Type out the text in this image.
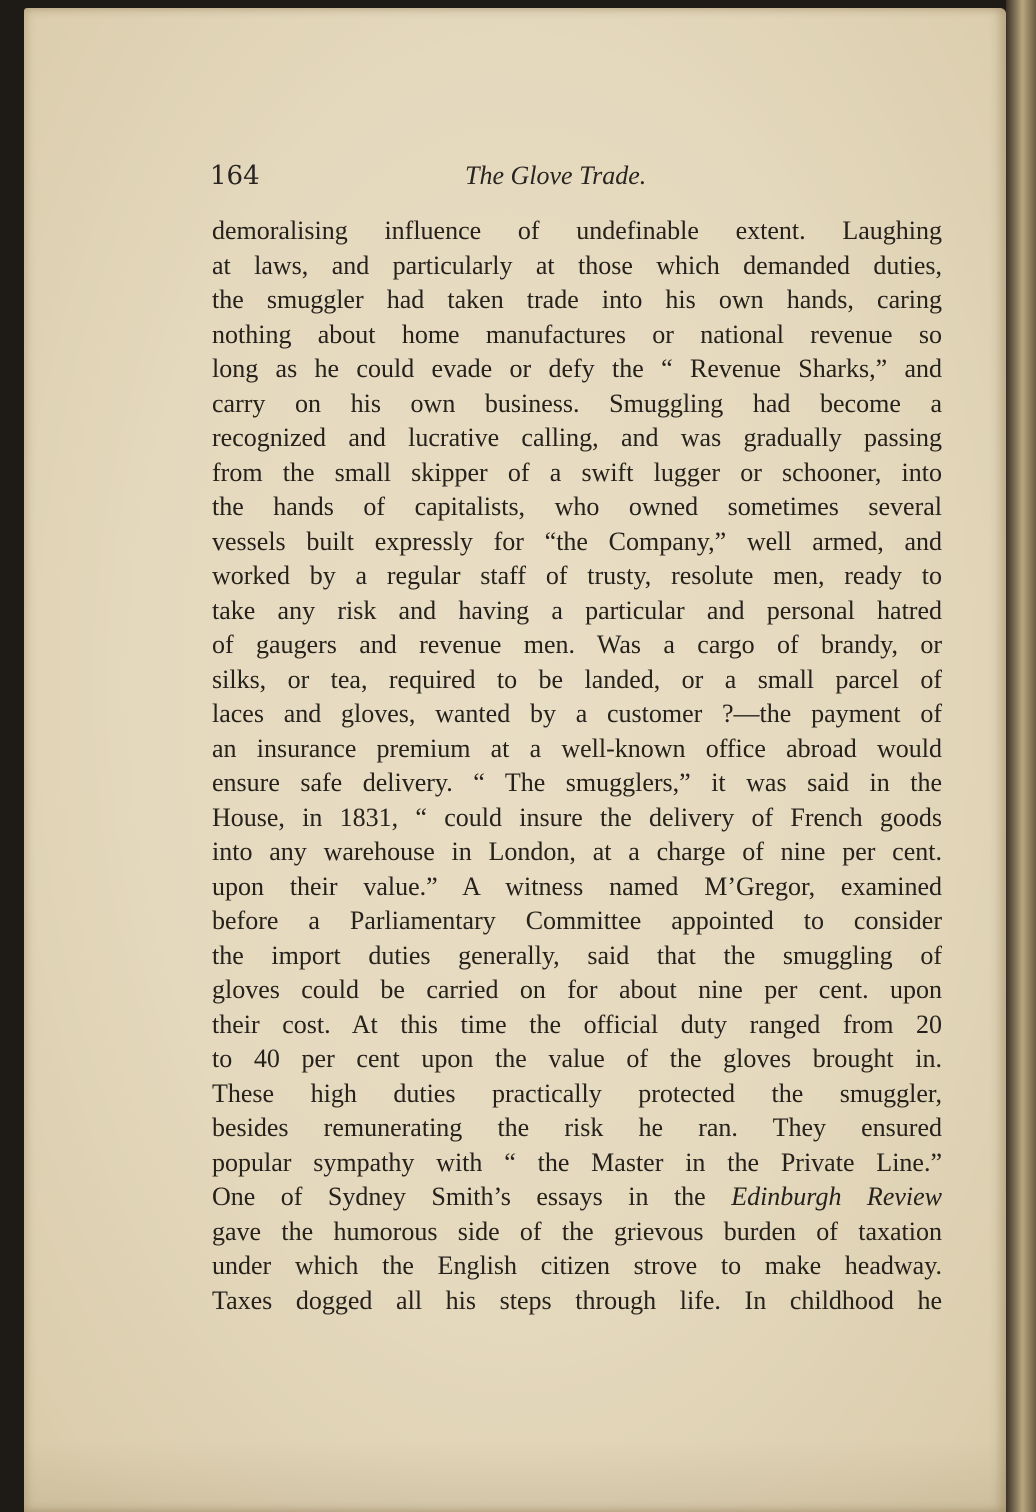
164	The Glove Trade.
demoralising influence of undefinable extent. Laughing
at laws, and particularly at those which demanded duties,
the smuggler had taken trade into his own hands, caring
nothing about home manufactures or national revenue so
long as he could evade or defy the “ Revenue Sharks,” and
carry on his own business. Smuggling had become a
recognized and lucrative calling, and was gradually passing
from the small skipper of a swift lugger or schooner, into
the hands of capitalists, who owned sometimes several
vessels built expressly for “the Company,” well armed, and
worked by a regular staff of trusty, resolute men, ready to
take any risk and having a particular and personal hatred
of gaugers and revenue men. Was a cargo of brandy, or
silks, or tea, required to be landed, or a small parcel of
laces and gloves, wanted by a customer ?—the payment of
an insurance premium at a well-known office abroad would
ensure safe delivery. “ The smugglers,” it was said in the
House, in 1831, “ could insure the delivery of French goods
into any warehouse in London, at a charge of nine per cent.
upon their value.” A witness named M’Gregor, examined
before a Parliamentary Committee appointed to consider
the import duties generally, said that the smuggling of
gloves could be carried on for about nine per cent. upon
their cost. At this time the official duty ranged from 20
to 40 per cent upon the value of the gloves brought in.
These high duties practically protected the smuggler,
besides remunerating the risk he ran. They ensured
popular sympathy with “ the Master in the Private Line.”
One of Sydney Smith’s essays in the Edinburgh Review
gave the humorous side of the grievous burden of taxation
under which the English citizen strove to make headway.
Taxes dogged all his steps through life. In childhood he
